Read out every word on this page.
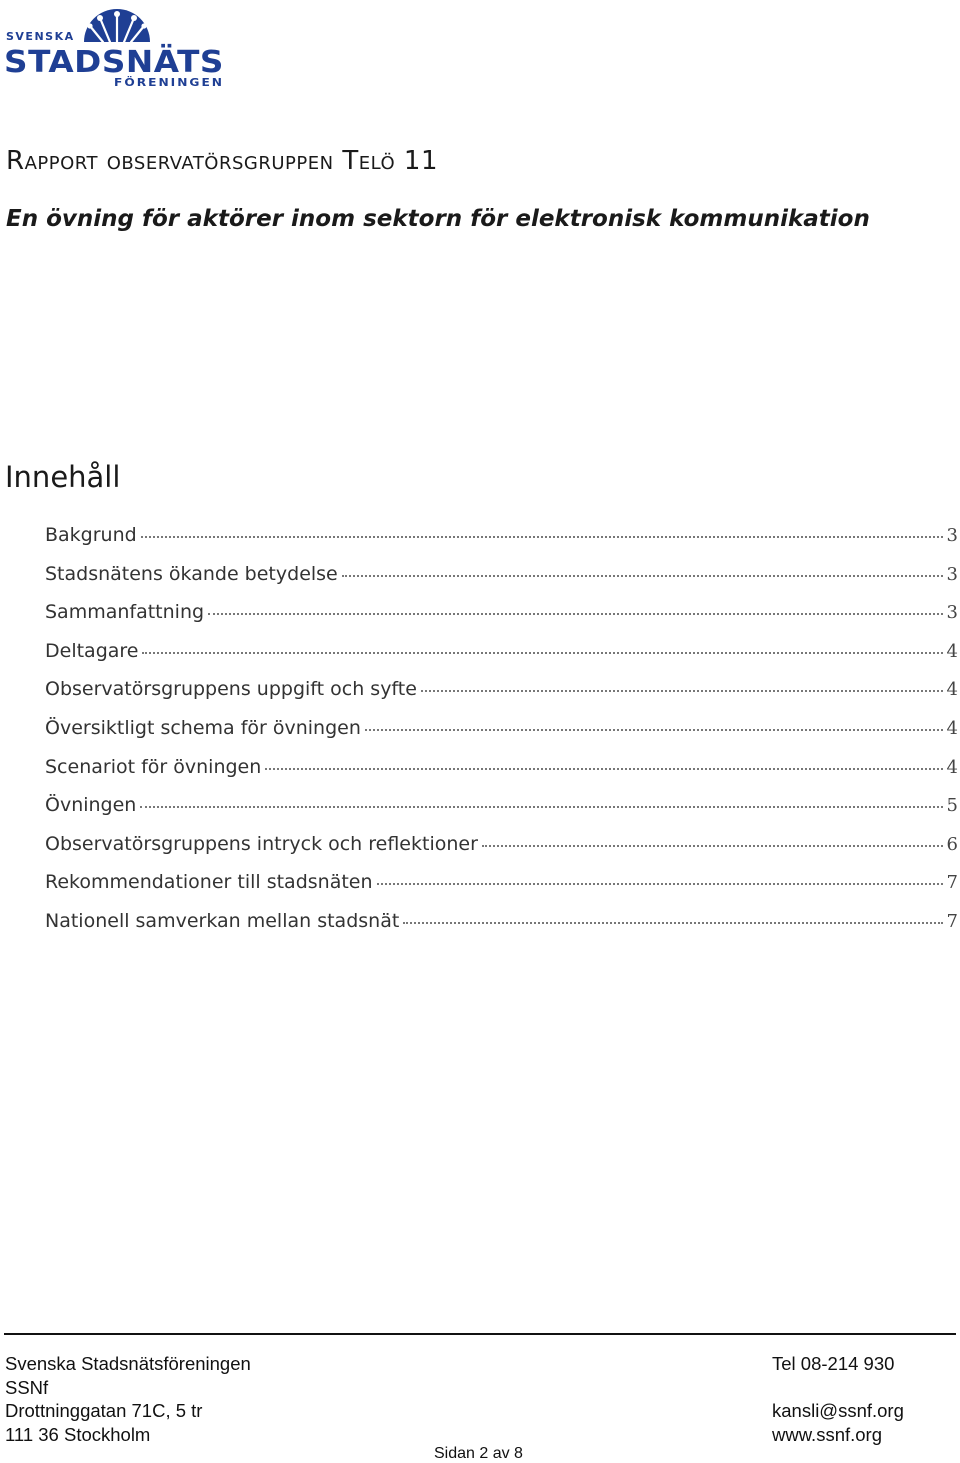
SVENSKA
STADSNÄTS
FÖRENINGEN
Rapport observatörsgruppen Telö 11
En övning för aktörer inom sektorn för elektronisk kommunikation
Innehåll
Bakgrund	3
Stadsnätens ökande betydelse	3
Sammanfattning	3
Deltagare	4
Observatörsgruppens uppgift och syfte	4
Översiktligt schema för övningen	4
Scenariot för övningen	4
Övningen	5
Observatörsgruppens intryck och reflektioner	6
Rekommendationer till stadsnäten	7
Nationell samverkan mellan stadsnät	7
Svenska Stadsnätsföreningen
SSNf
Drottninggatan 71C, 5 tr
111 36 Stockholm
Tel 08-214 930
kansli@ssnf.org
www.ssnf.org
Sidan 2 av 8
